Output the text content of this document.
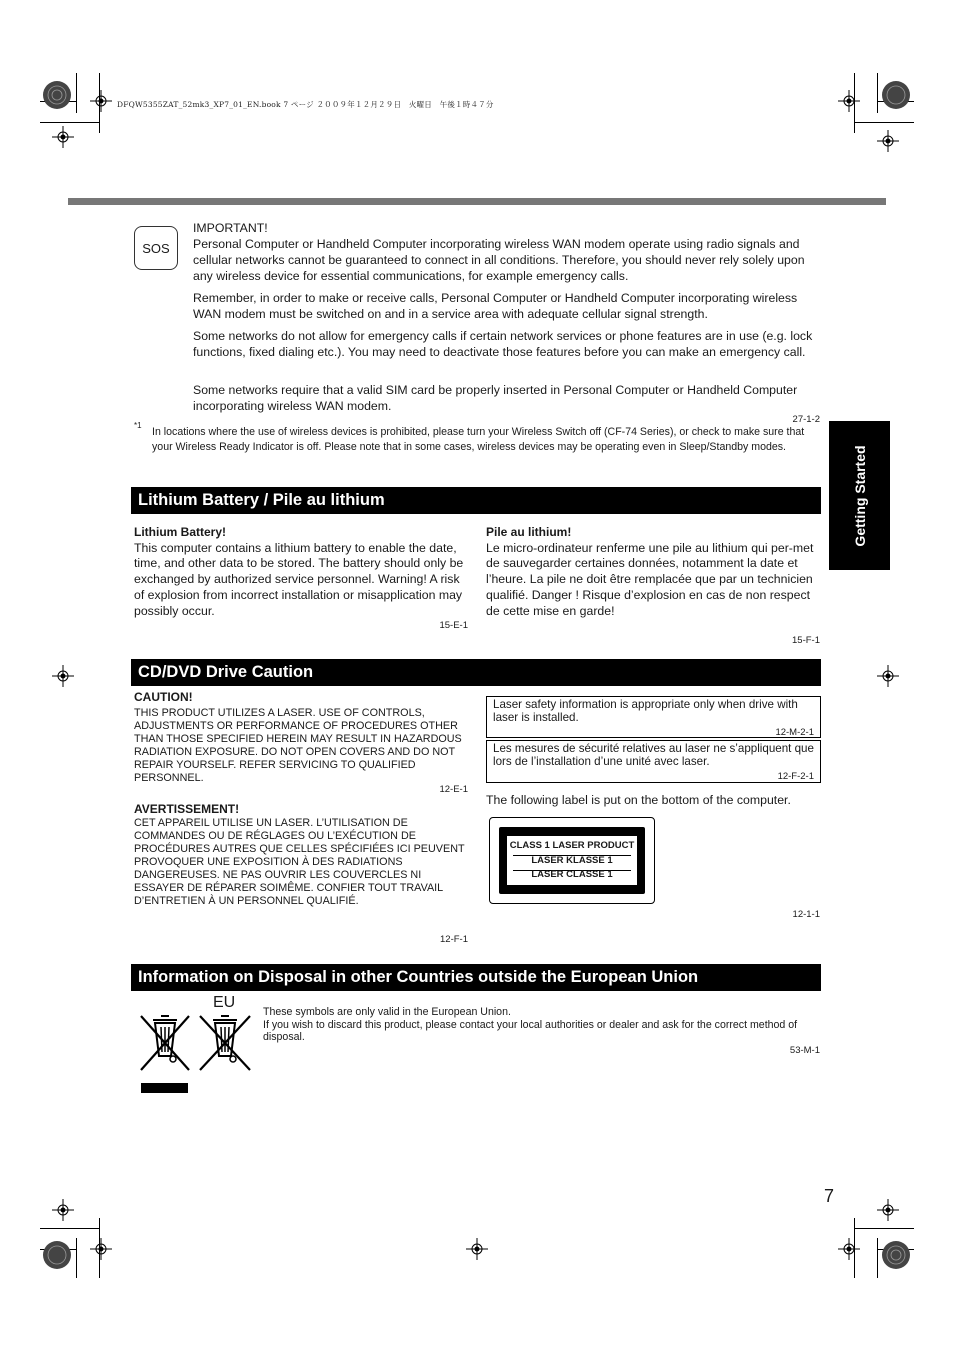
DFQW5355ZAT_52mk3_XP7_01_EN.book 7 ページ ２００９年１２月２９日　火曜日　午後１時４７分
Getting Started
SOS
IMPORTANT!
Personal Computer or Handheld Computer incorporating wireless WAN modem operate using radio signals and cellular networks cannot be guaranteed to connect in all conditions. Therefore, you should never rely solely upon any wireless device for essential communications, for example emergency calls.
Remember, in order to make or receive calls, Personal Computer or Handheld Computer incorporating wireless WAN modem must be switched on and in a service area with adequate cellular signal strength.
Some networks do not allow for emergency calls if certain network services or phone features are in use (e.g. lock functions, fixed dialing etc.). You may need to deactivate those features before you can make an emergency call.
Some networks require that a valid SIM card be properly inserted in Personal Computer or Handheld Computer incorporating wireless WAN modem.
27-1-2
*1
In locations where the use of wireless devices is prohibited, please turn your Wireless Switch off (CF-74 Series), or check to make sure that your Wireless Ready Indicator is off. Please note that in some cases, wireless devices may be operating even in Sleep/Standby modes.
Lithium Battery / Pile au lithium
Lithium Battery!
This computer contains a lithium battery to enable the date, time, and other data to be stored. The battery should only be exchanged by authorized service personnel. Warning! A risk of explosion from incorrect installation or misapplication may possibly occur.
15-E-1
Pile au lithium!
Le micro-ordinateur renferme une pile au lithium qui per-met de sauvegarder certaines données, notamment la date et l’heure. La pile ne doit être remplacée que par un technicien qualifié. Danger ! Risque d’explosion en cas de non respect de cette mise en garde!
15-F-1
CD/DVD Drive Caution
CAUTION!
THIS PRODUCT UTILIZES A LASER. USE OF CONTROLS, ADJUSTMENTS OR PERFORMANCE OF PROCEDURES OTHER THAN THOSE SPECIFIED HEREIN MAY RESULT IN HAZARDOUS RADIATION EXPOSURE. DO NOT OPEN COVERS AND DO NOT REPAIR YOURSELF. REFER SERVICING TO QUALIFIED PERSONNEL.
12-E-1
AVERTISSEMENT!
CET APPAREIL UTILISE UN LASER. L’UTILISATION DE COMMANDES OU DE RÉGLAGES OU L’EXÉCUTION DE PROCÉDURES AUTRES QUE CELLES SPÉCIFIÉES ICI PEUVENT PROVOQUER UNE EXPOSITION À DES RADIATIONS DANGEREUSES. NE PAS OUVRIR LES COUVERCLES NI ESSAYER DE RÉPARER SOIMÊME. CONFIER TOUT TRAVAIL D’ENTRETIEN À UN PERSONNEL QUALIFIÉ.
12-F-1
Laser safety information is appropriate only when drive with laser is installed.
12-M-2-1
Les mesures de sécurité relatives au laser ne s’appliquent que lors de l’installation d’une unité avec laser.
12-F-2-1
The following label is put on the bottom of the computer.
CLASS 1 LASER PRODUCT
LASER KLASSE 1
LASER CLASSE 1
12-1-1
Information on Disposal in other Countries outside the European Union
EU
These symbols are only valid in the European Union.
If you wish to discard this product, please contact your local authorities or dealer and ask for the correct method of disposal.
53-M-1
7
